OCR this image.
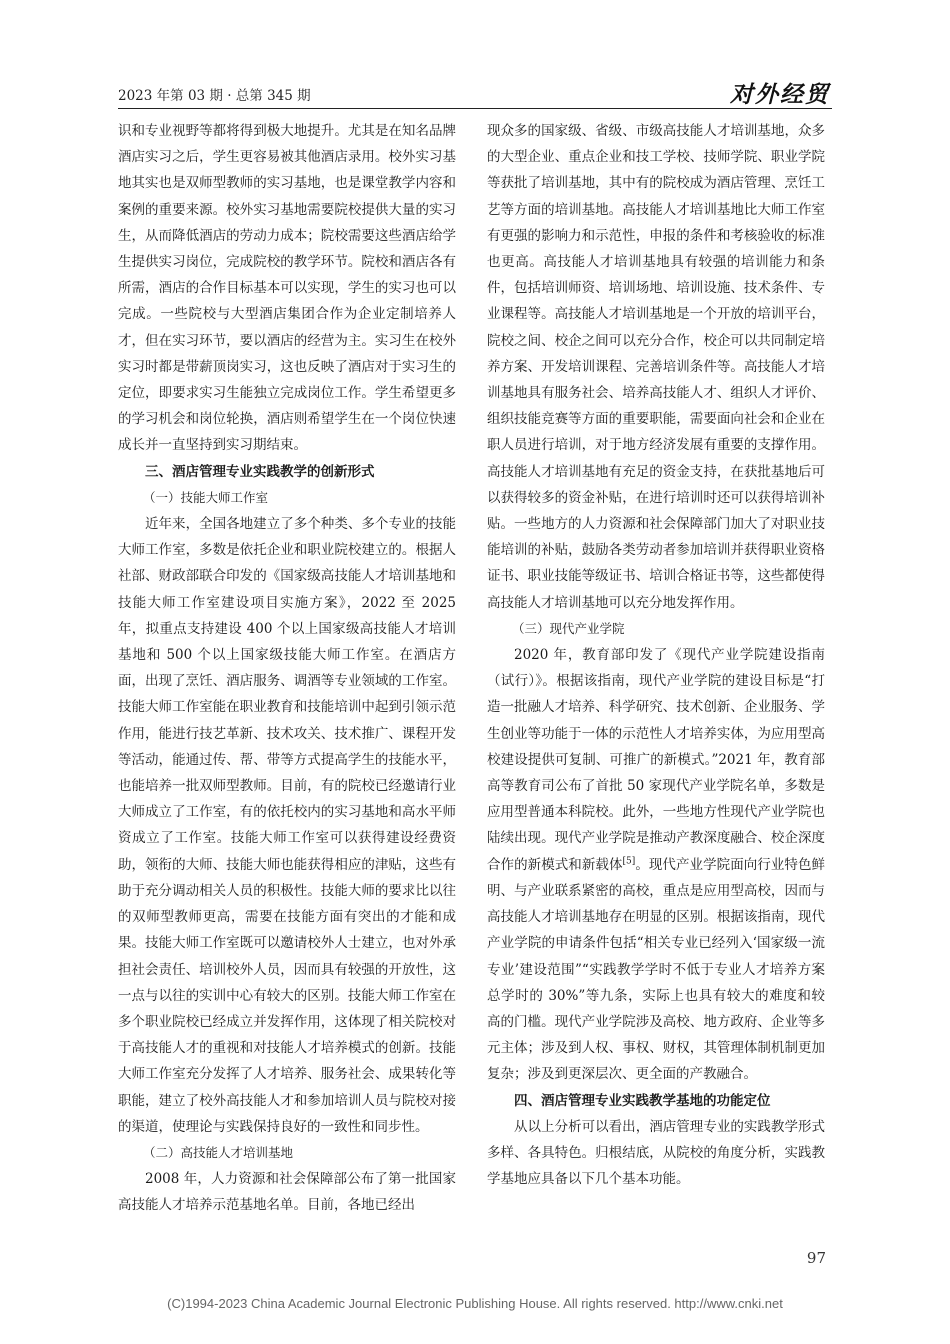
2023 年第 03 期 · 总第 345 期	对外经贸

识和专业视野等都将得到极大地提升。尤其是在知名品牌酒店实习之后，学生更容易被其他酒店录用。校外实习基地其实也是双师型教师的实习基地，也是课堂教学内容和案例的重要来源。校外实习基地需要院校提供大量的实习生，从而降低酒店的劳动力成本；院校需要这些酒店给学生提供实习岗位，完成院校的教学环节。院校和酒店各有所需，酒店的合作目标基本可以实现，学生的实习也可以完成。一些院校与大型酒店集团合作为企业定制培养人才，但在实习环节，要以酒店的经营为主。实习生在校外实习时都是带薪顶岗实习，这也反映了酒店对于实习生的定位，即要求实习生能独立完成岗位工作。学生希望更多的学习机会和岗位轮换，酒店则希望学生在一个岗位快速成长并一直坚持到实习期结束。

三、酒店管理专业实践教学的创新形式
（一）技能大师工作室

近年来，全国各地建立了多个种类、多个专业的技能大师工作室，多数是依托企业和职业院校建立的。根据人社部、财政部联合印发的《国家级高技能人才培训基地和技能大师工作室建设项目实施方案》，2022 至 2025 年，拟重点支持建设 400 个以上国家级高技能人才培训基地和 500 个以上国家级技能大师工作室。在酒店方面，出现了烹饪、酒店服务、调酒等专业领域的工作室。技能大师工作室能在职业教育和技能培训中起到引领示范作用，能进行技艺革新、技术攻关、技术推广、课程开发等活动，能通过传、帮、带等方式提高学生的技能水平，也能培养一批双师型教师。目前，有的院校已经邀请行业大师成立了工作室，有的依托校内的实习基地和高水平师资成立了工作室。技能大师工作室可以获得建设经费资助，领衔的大师、技能大师也能获得相应的津贴，这些有助于充分调动相关人员的积极性。技能大师的要求比以往的双师型教师更高，需要在技能方面有突出的才能和成果。技能大师工作室既可以邀请校外人士建立，也对外承担社会责任、培训校外人员，因而具有较强的开放性，这一点与以往的实训中心有较大的区别。技能大师工作室在多个职业院校已经成立并发挥作用，这体现了相关院校对于高技能人才的重视和对技能人才培养模式的创新。技能大师工作室充分发挥了人才培养、服务社会、成果转化等职能，建立了校外高技能人才和参加培训人员与院校对接的渠道，使理论与实践保持良好的一致性和同步性。

（二）高技能人才培训基地

2008 年，人力资源和社会保障部公布了第一批国家高技能人才培养示范基地名单。目前，各地已经出

现众多的国家级、省级、市级高技能人才培训基地，众多的大型企业、重点企业和技工学校、技师学院、职业学院等获批了培训基地，其中有的院校成为酒店管理、烹饪工艺等方面的培训基地。高技能人才培训基地比大师工作室有更强的影响力和示范性，申报的条件和考核验收的标准也更高。高技能人才培训基地具有较强的培训能力和条件，包括培训师资、培训场地、培训设施、技术条件、专业课程等。高技能人才培训基地是一个开放的培训平台，院校之间、校企之间可以充分合作，校企可以共同制定培养方案、开发培训课程、完善培训条件等。高技能人才培训基地具有服务社会、培养高技能人才、组织人才评价、组织技能竞赛等方面的重要职能，需要面向社会和企业在职人员进行培训，对于地方经济发展有重要的支撑作用。高技能人才培训基地有充足的资金支持，在获批基地后可以获得较多的资金补贴，在进行培训时还可以获得培训补贴。一些地方的人力资源和社会保障部门加大了对职业技能培训的补贴，鼓励各类劳动者参加培训并获得职业资格证书、职业技能等级证书、培训合格证书等，这些都使得高技能人才培训基地可以充分地发挥作用。

（三）现代产业学院

2020 年，教育部印发了《现代产业学院建设指南（试行）》。根据该指南，现代产业学院的建设目标是“打造一批融人才培养、科学研究、技术创新、企业服务、学生创业等功能于一体的示范性人才培养实体，为应用型高校建设提供可复制、可推广的新模式。”2021 年，教育部高等教育司公布了首批 50 家现代产业学院名单，多数是应用型普通本科院校。此外，一些地方性现代产业学院也陆续出现。现代产业学院是推动产教深度融合、校企深度合作的新模式和新载体[5]。现代产业学院面向行业特色鲜明、与产业联系紧密的高校，重点是应用型高校，因而与高技能人才培训基地存在明显的区别。根据该指南，现代产业学院的申请条件包括“相关专业已经列入‘国家级一流专业’建设范围”“实践教学学时不低于专业人才培养方案总学时的 30%”等九条，实际上也具有较大的难度和较高的门槛。现代产业学院涉及高校、地方政府、企业等多元主体；涉及到人权、事权、财权，其管理体制机制更加复杂；涉及到更深层次、更全面的产教融合。

四、酒店管理专业实践教学基地的功能定位

从以上分析可以看出，酒店管理专业的实践教学形式多样、各具特色。归根结底，从院校的角度分析，实践教学基地应具备以下几个基本功能。

97
(C)1994-2023 China Academic Journal Electronic Publishing House. All rights reserved. http://www.cnki.net
